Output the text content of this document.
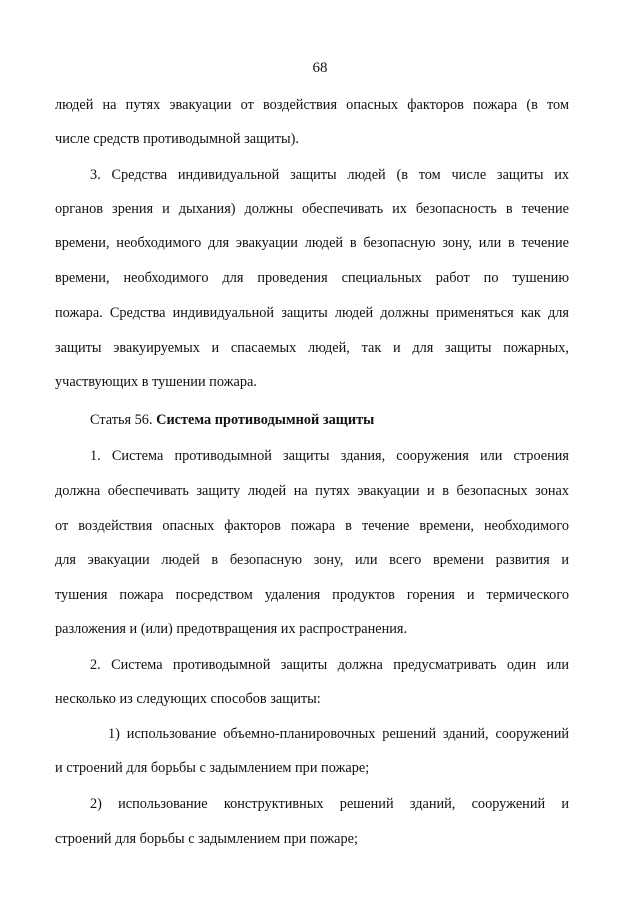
68
людей на путях эвакуации от воздействия опасных факторов пожара (в том
числе средств противодымной защиты).
3. Средства индивидуальной защиты людей (в том числе защиты их
органов зрения и дыхания) должны обеспечивать их безопасность в течение
времени, необходимого для эвакуации людей в безопасную зону, или в течение
времени, необходимого для проведения специальных работ по тушению
пожара. Средства индивидуальной защиты людей должны применяться как для
защиты эвакуируемых и спасаемых людей, так и для защиты пожарных,
участвующих в тушении пожара.
Статья 56. Система противодымной защиты
1. Система противодымной защиты здания, сооружения или строения
должна обеспечивать защиту людей на путях эвакуации и в безопасных зонах
от воздействия опасных факторов пожара в течение времени, необходимого
для эвакуации людей в безопасную зону, или всего времени развития и
тушения пожара посредством удаления продуктов горения и термического
разложения и (или) предотвращения их распространения.
2. Система противодымной защиты должна предусматривать один или
несколько из следующих способов защиты:
1) использование объемно-планировочных решений зданий, сооружений
и строений для борьбы с задымлением при пожаре;
2) использование конструктивных решений зданий, сооружений и
строений для борьбы с задымлением при пожаре;
